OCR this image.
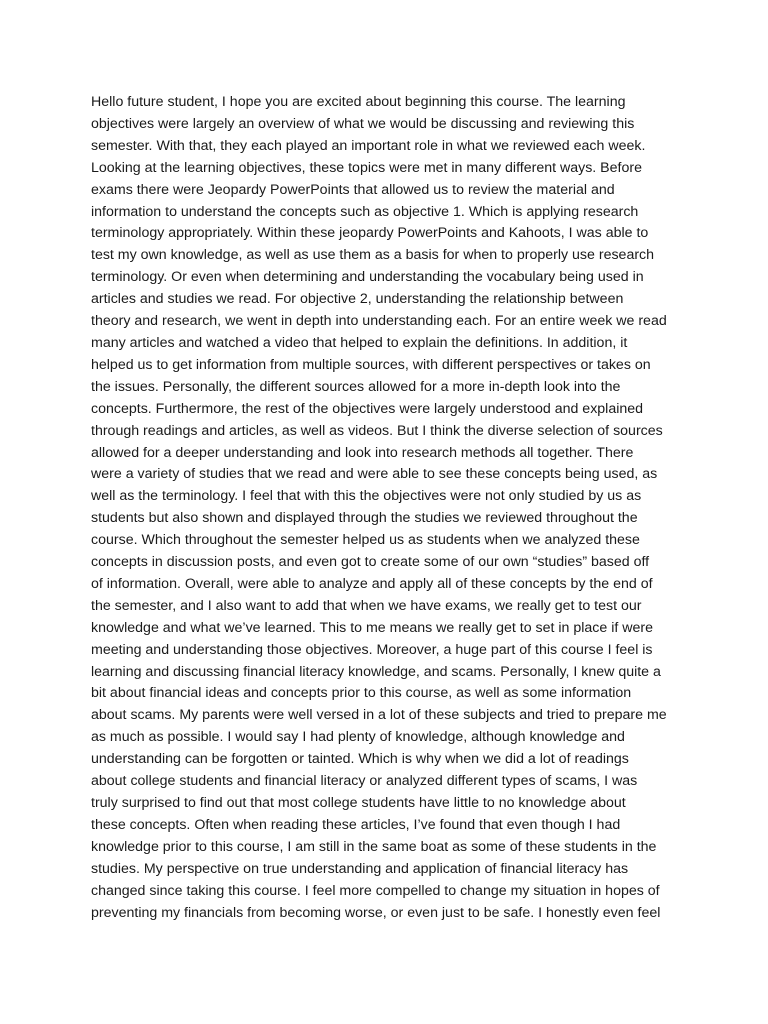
Hello future student, I hope you are excited about beginning this course. The learning
objectives were largely an overview of what we would be discussing and reviewing this
semester. With that, they each played an important role in what we reviewed each week.
Looking at the learning objectives, these topics were met in many different ways. Before
exams there were Jeopardy PowerPoints that allowed us to review the material and
information to understand the concepts such as objective 1. Which is applying research
terminology appropriately. Within these jeopardy PowerPoints and Kahoots, I was able to
test my own knowledge, as well as use them as a basis for when to properly use research
terminology. Or even when determining and understanding the vocabulary being used in
articles and studies we read. For objective 2, understanding the relationship between
theory and research, we went in depth into understanding each. For an entire week we read
many articles and watched a video that helped to explain the definitions. In addition, it
helped us to get information from multiple sources, with different perspectives or takes on
the issues. Personally, the different sources allowed for a more in-depth look into the
concepts. Furthermore, the rest of the objectives were largely understood and explained
through readings and articles, as well as videos. But I think the diverse selection of sources
allowed for a deeper understanding and look into research methods all together. There
were a variety of studies that we read and were able to see these concepts being used, as
well as the terminology. I feel that with this the objectives were not only studied by us as
students but also shown and displayed through the studies we reviewed throughout the
course. Which throughout the semester helped us as students when we analyzed these
concepts in discussion posts, and even got to create some of our own “studies” based off
of information. Overall, were able to analyze and apply all of these concepts by the end of
the semester, and I also want to add that when we have exams, we really get to test our
knowledge and what we’ve learned. This to me means we really get to set in place if were
meeting and understanding those objectives. Moreover, a huge part of this course I feel is
learning and discussing financial literacy knowledge, and scams. Personally, I knew quite a
bit about financial ideas and concepts prior to this course, as well as some information
about scams. My parents were well versed in a lot of these subjects and tried to prepare me
as much as possible. I would say I had plenty of knowledge, although knowledge and
understanding can be forgotten or tainted. Which is why when we did a lot of readings
about college students and financial literacy or analyzed different types of scams, I was
truly surprised to find out that most college students have little to no knowledge about
these concepts. Often when reading these articles, I’ve found that even though I had
knowledge prior to this course, I am still in the same boat as some of these students in the
studies. My perspective on true understanding and application of financial literacy has
changed since taking this course. I feel more compelled to change my situation in hopes of
preventing my financials from becoming worse, or even just to be safe. I honestly even feel
